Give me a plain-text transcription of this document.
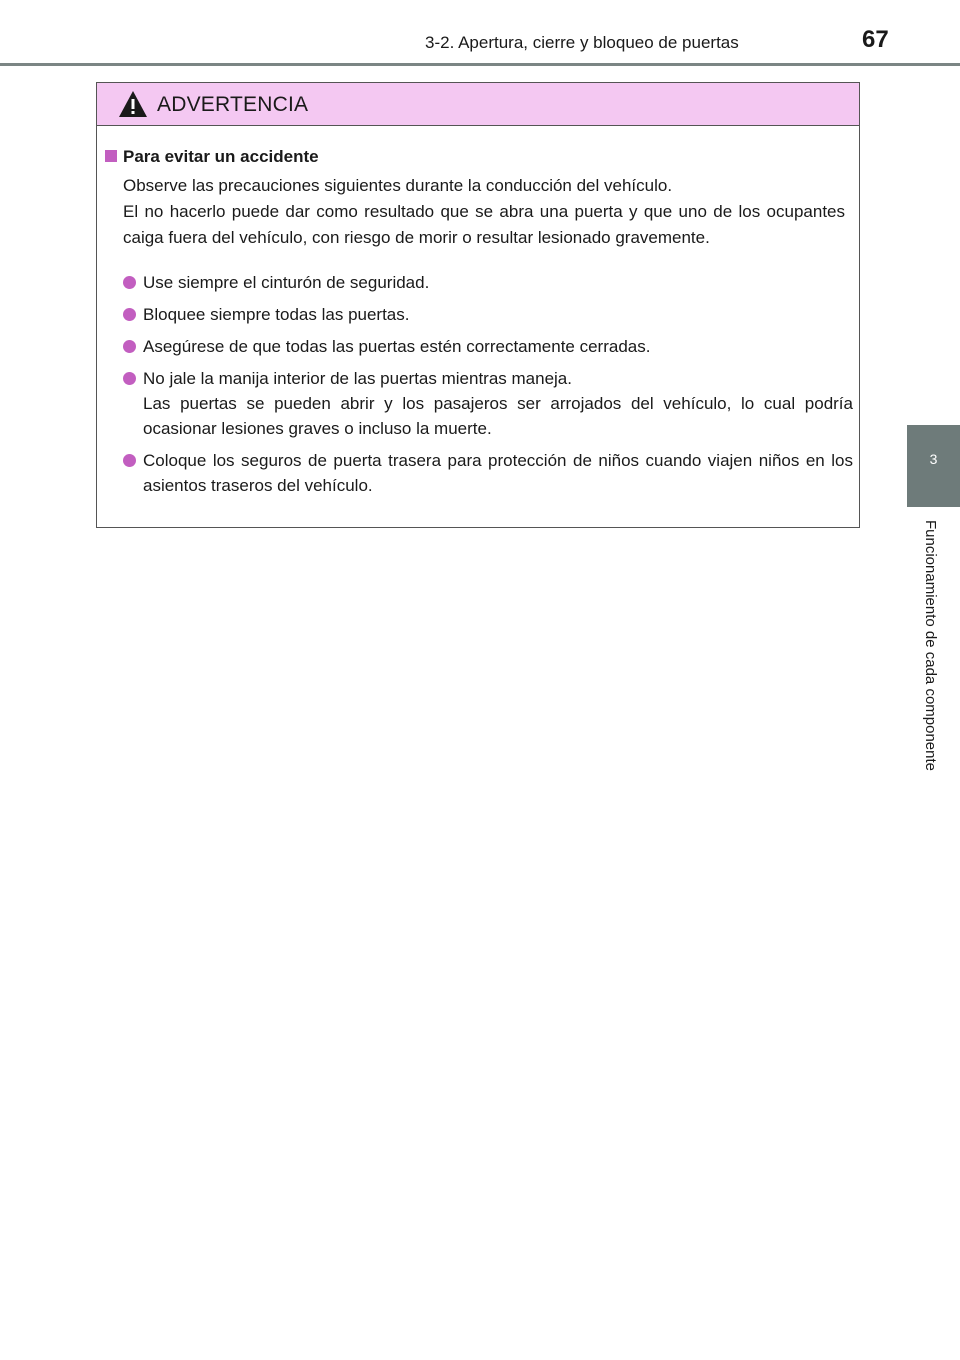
3-2. Apertura, cierre y bloqueo de puertas	67
3
Funcionamiento de cada componente
ADVERTENCIA
Para evitar un accidente
Observe las precauciones siguientes durante la conducción del vehículo.
El no hacerlo puede dar como resultado que se abra una puerta y que uno de los ocupantes caiga fuera del vehículo, con riesgo de morir o resultar lesionado gravemente.
Use siempre el cinturón de seguridad.
Bloquee siempre todas las puertas.
Asegúrese de que todas las puertas estén correctamente cerradas.
No jale la manija interior de las puertas mientras maneja.
Las puertas se pueden abrir y los pasajeros ser arrojados del vehículo, lo cual podría ocasionar lesiones graves o incluso la muerte.
Coloque los seguros de puerta trasera para protección de niños cuando viajen niños en los asientos traseros del vehículo.
